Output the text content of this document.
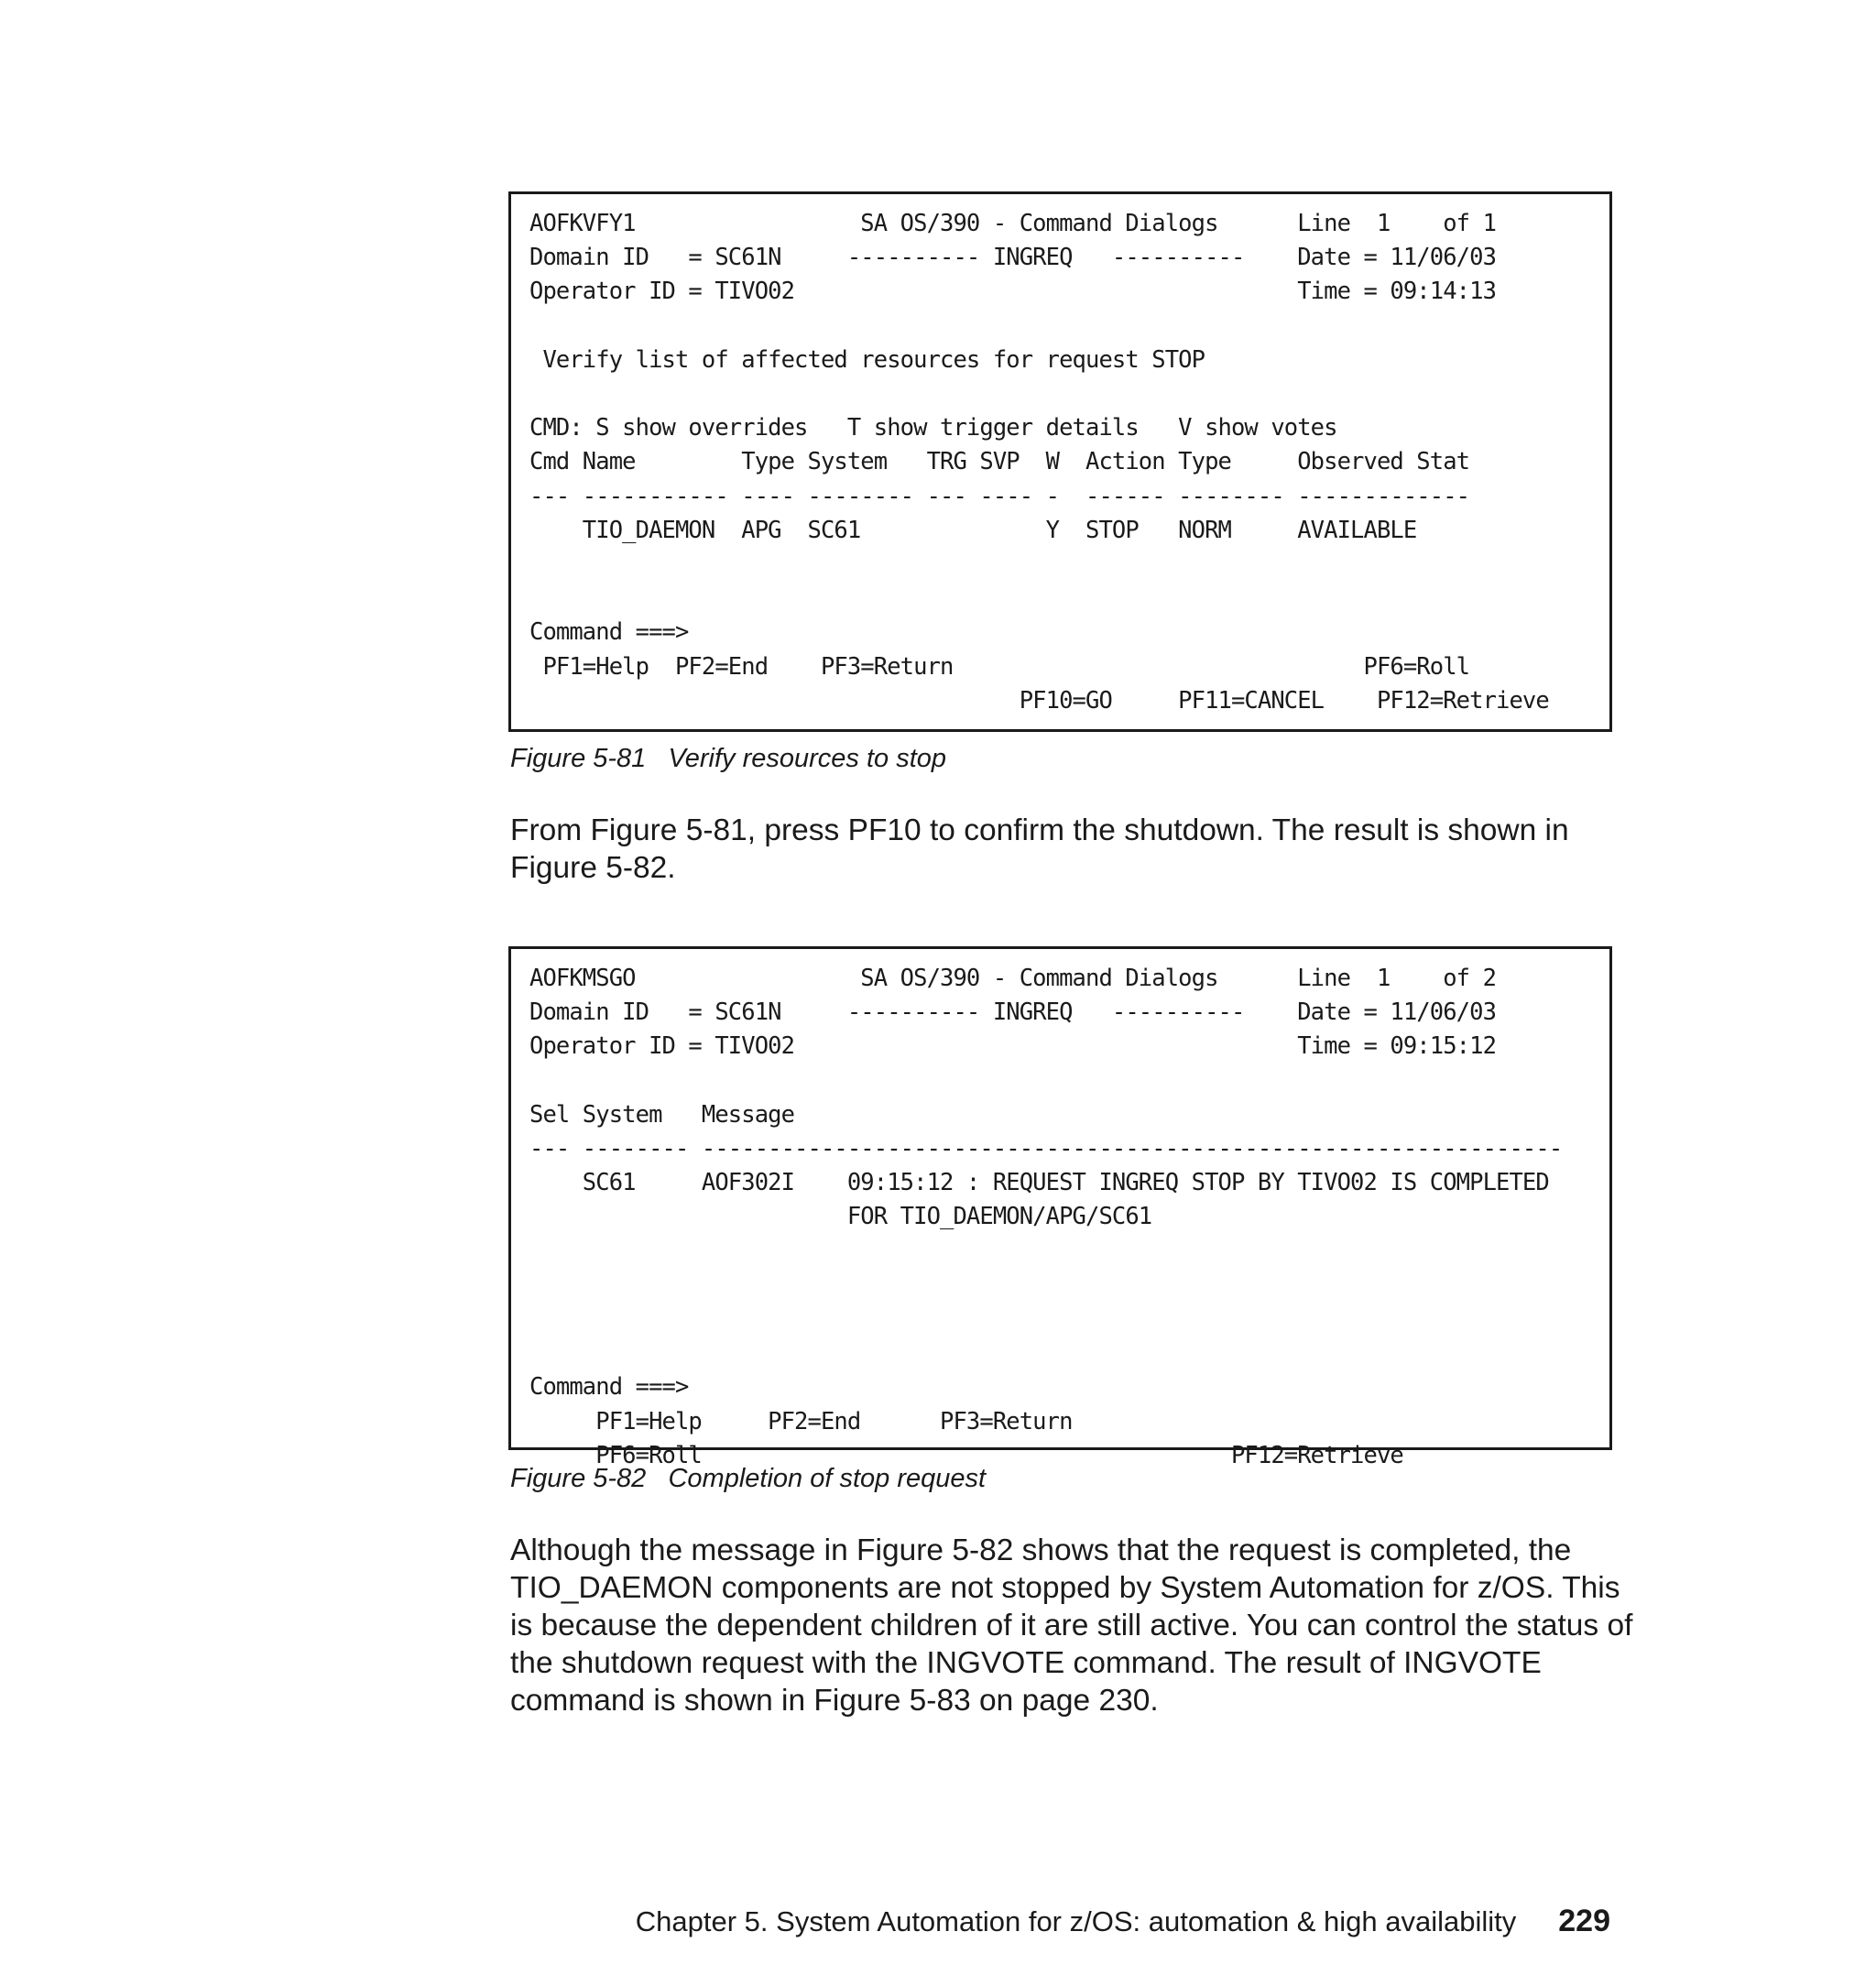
AOFKVFY1                 SA OS/390 - Command Dialogs      Line  1    of 1
Domain ID   = SC61N     ---------- INGREQ   ----------    Date = 11/06/03
Operator ID = TIVO02                                      Time = 09:14:13

Verify list of affected resources for request STOP

CMD: S show overrides   T show trigger details   V show votes
Cmd Name        Type System   TRG SVP  W  Action Type     Observed Stat
--- ----------- ---- -------- --- ---- -  ------ -------- -------------
TIO_DAEMON  APG  SC61              Y  STOP   NORM     AVAILABLE

Command ===>
PF1=Help  PF2=End    PF3=Return                               PF6=Roll
PF10=GO     PF11=CANCEL    PF12=Retrieve
Figure 5-81   Verify resources to stop

From Figure 5-81, press PF10 to confirm the shutdown. The result is shown in Figure 5-82.

AOFKMSGO                 SA OS/390 - Command Dialogs      Line  1    of 2
Domain ID   = SC61N     ---------- INGREQ   ----------    Date = 11/06/03
Operator ID = TIVO02                                      Time = 09:15:12

Sel System   Message
--- -------- -----------------------------------------------------------------
SC61     AOF302I    09:15:12 : REQUEST INGREQ STOP BY TIVO02 IS COMPLETED
FOR TIO_DAEMON/APG/SC61

Command ===>
PF1=Help     PF2=End      PF3=Return
PF6=Roll                                        PF12=Retrieve
Figure 5-82   Completion of stop request

Although the message in Figure 5-82 shows that the request is completed, the TIO_DAEMON components are not stopped by System Automation for z/OS. This is because the dependent children of it are still active. You can control the status of the shutdown request with the INGVOTE command. The result of INGVOTE command is shown in Figure 5-83 on page 230.

Chapter 5. System Automation for z/OS: automation & high availability 229
